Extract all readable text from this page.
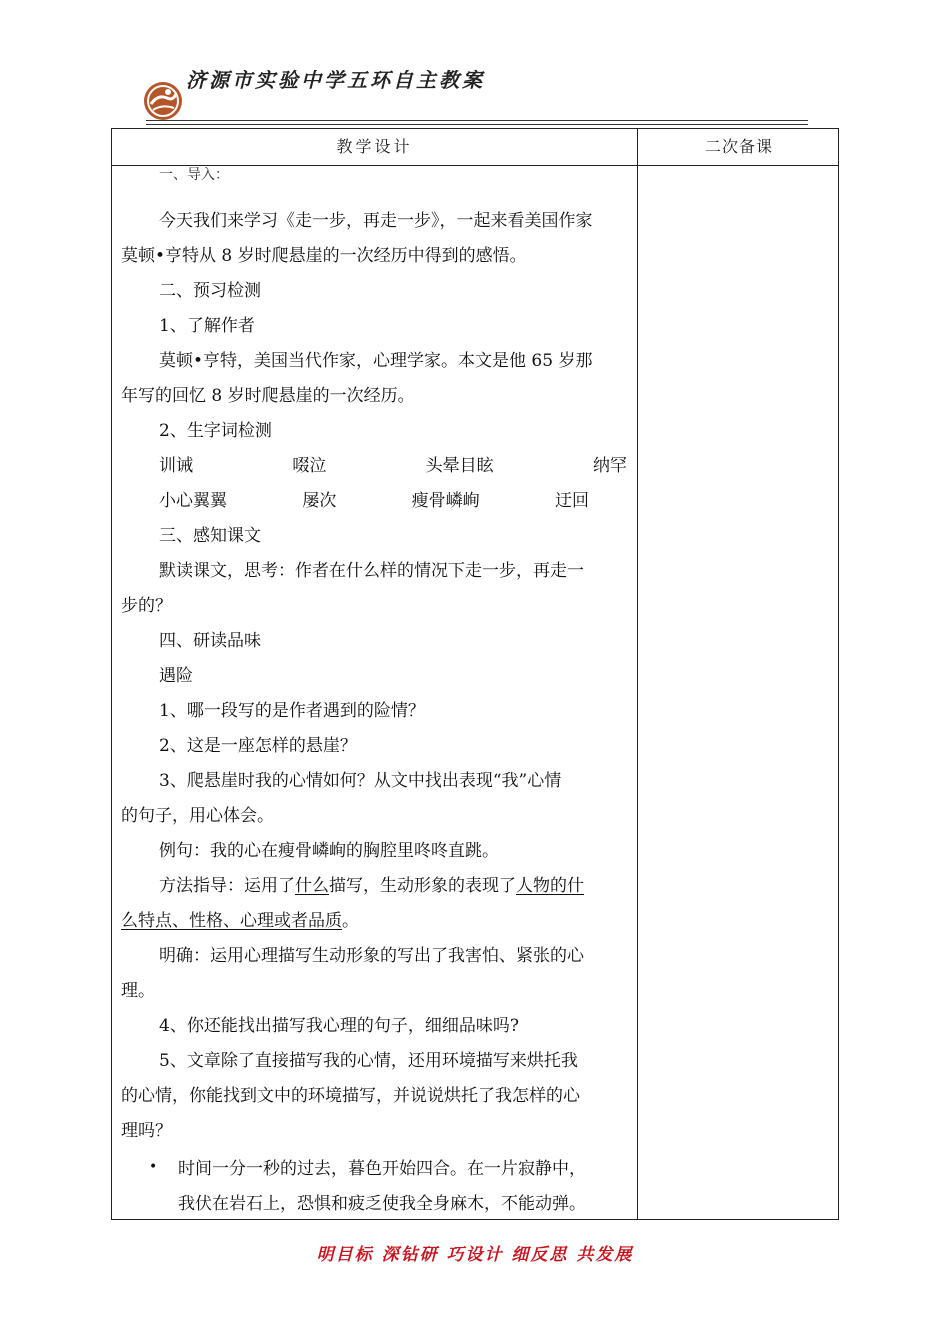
济源市实验中学五环自主教案
教学设计	二次备课
一、导入：
今天我们来学习《走一步，再走一步》，一起来看美国作家
莫顿•亨特从 8 岁时爬悬崖的一次经历中得到的感悟。
二、预习检测
1、了解作者
莫顿•亨特，美国当代作家，心理学家。本文是他 65 岁那
年写的回忆 8 岁时爬悬崖的一次经历。
2、生字词检测
训诫	啜泣	头晕目眩	纳罕
小心翼翼	屡次	瘦骨嶙峋	迂回
三、感知课文
默读课文，思考：作者在什么样的情况下走一步，再走一
步的？
四、研读品味
遇险
1、哪一段写的是作者遇到的险情？
2、这是一座怎样的悬崖？
3、爬悬崖时我的心情如何？从文中找出表现“我”心情
的句子，用心体会。
例句：我的心在瘦骨嶙峋的胸腔里咚咚直跳。
方法指导：运用了什么描写，生动形象的表现了人物的什
么特点、性格、心理或者品质。
明确：运用心理描写生动形象的写出了我害怕、紧张的心
理。
4、你还能找出描写我心理的句子，细细品味吗?
5、文章除了直接描写我的心情，还用环境描写来烘托我
的心情，你能找到文中的环境描写，并说说烘托了我怎样的心
理吗？
• 时间一分一秒的过去，暮色开始四合。在一片寂静中，
我伏在岩石上，恐惧和疲乏使我全身麻木，不能动弹。
明目标 深钻研 巧设计 细反思 共发展
